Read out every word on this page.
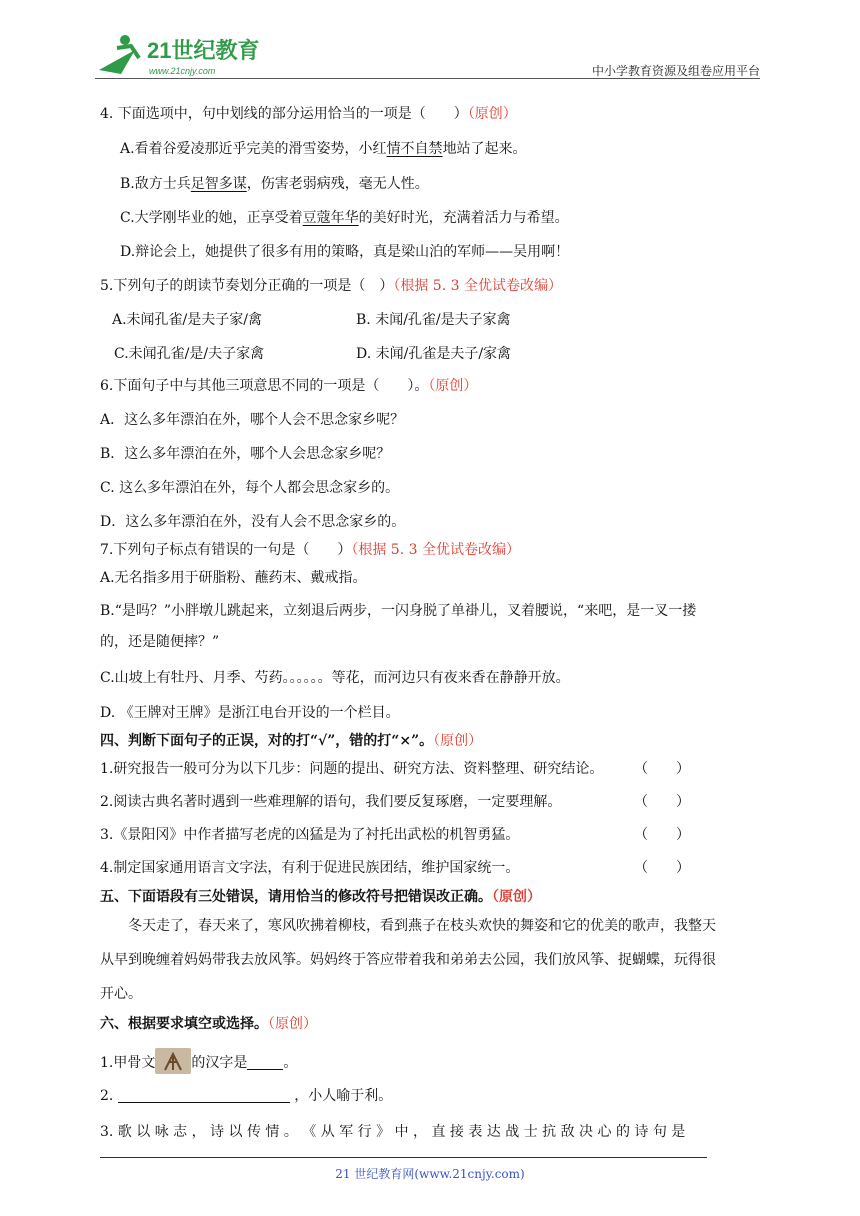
21世纪教育
www.21cnjy.com	中小学教育资源及组卷应用平台
4. 下面选项中，句中划线的部分运用恰当的一项是（　　）（原创）
A.看着谷爱凌那近乎完美的滑雪姿势，小红情不自禁地站了起来。
B.敌方士兵足智多谋，伤害老弱病残，毫无人性。
C.大学刚毕业的她，正享受着豆蔻年华的美好时光，充满着活力与希望。
D.辩论会上，她提供了很多有用的策略，真是梁山泊的军师——吴用啊！
5.下列句子的朗读节奏划分正确的一项是（　）（根据 5. 3 全优试卷改编）
A.未闻孔雀/是夫子家/禽	B. 未闻/孔雀/是夫子家禽
C.未闻孔雀/是/夫子家禽	D. 未闻/孔雀是夫子/家禽
6.下面句子中与其他三项意思不同的一项是（　　）。（原创）
A．这么多年漂泊在外，哪个人会不思念家乡呢？
B．这么多年漂泊在外，哪个人会思念家乡呢？
C. 这么多年漂泊在外，每个人都会思念家乡的。
D．这么多年漂泊在外，没有人会不思念家乡的。
7.下列句子标点有错误的一句是（　　）（根据 5. 3 全优试卷改编）
A.无名指多用于研脂粉、蘸药末、戴戒指。
B.“是吗？”小胖墩儿跳起来，立刻退后两步，一闪身脱了单褂儿，叉着腰说，“来吧，是一叉一搂
的，还是随便摔？”
C.山坡上有牡丹、月季、芍药。。。。。。等花，而河边只有夜来香在静静开放。
D. 《王牌对王牌》是浙江电台开设的一个栏目。
四、判断下面句子的正误，对的打“√”，错的打“×”。（原创）
1.研究报告一般可分为以下几步：问题的提出、研究方法、资料整理、研究结论。 （　　）
2.阅读古典名著时遇到一些难理解的语句，我们要反复琢磨，一定要理解。	（　　）
3.《景阳冈》中作者描写老虎的凶猛是为了衬托出武松的机智勇猛。	（　　）
4.制定国家通用语言文字法，有利于促进民族团结，维护国家统一。	（　　）
五、下面语段有三处错误，请用恰当的修改符号把错误改正确。（原创）
冬天走了，春天来了，寒风吹拂着柳枝，看到燕子在枝头欢快的舞姿和它的优美的歌声，我整天
从早到晚缠着妈妈带我去放风筝。妈妈终于答应带着我和弟弟去公园，我们放风筝、捉蝴蝶，玩得很
开心。
六、根据要求填空或选择。（原创）
1.甲骨文	的汉字是	。
2.	，小人喻于利。
3. 歌 以 咏 志 ， 诗 以 传 情 。 《 从 军 行 》 中 ， 直 接 表 达 战 士 抗 敌 决 心 的 诗 句 是
21 世纪教育网(www.21cnjy.com)
